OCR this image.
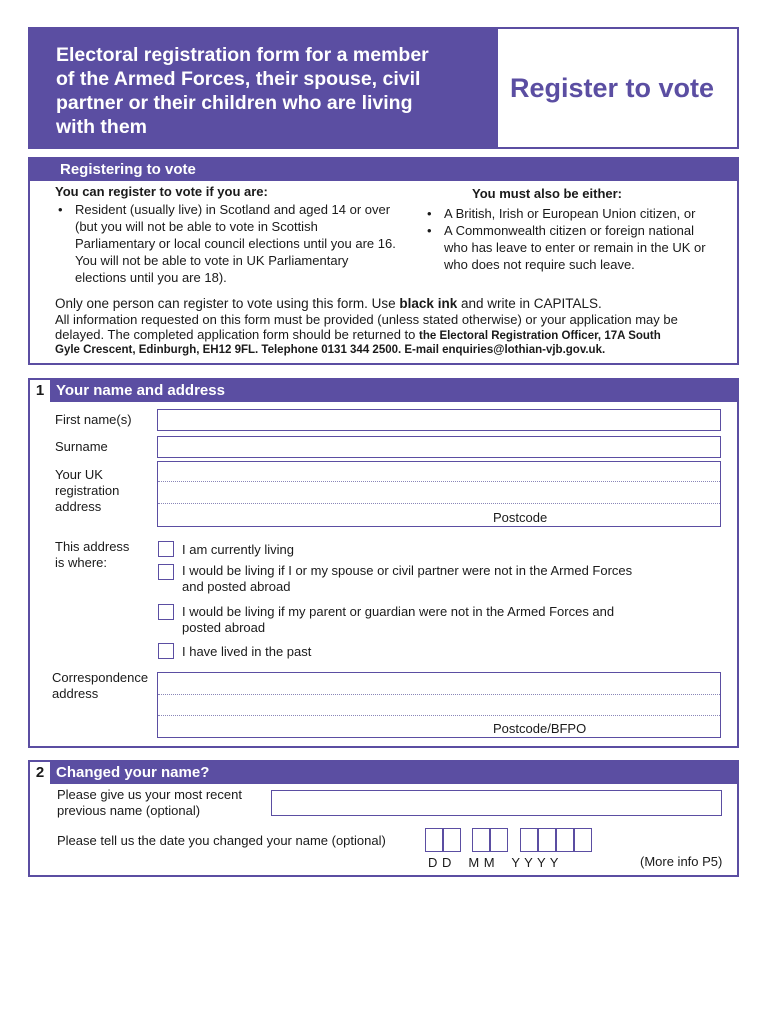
Electoral registration form for a member
of the Armed Forces, their spouse, civil
partner or their children who are living
with them
Register to vote
Registering to vote
You can register to vote if you are:
• Resident (usually live) in Scotland and aged 14 or over
(but you will not be able to vote in Scottish
Parliamentary or local council elections until you are 16.
You will not be able to vote in UK Parliamentary
elections until you are 18).
You must also be either:
• A British, Irish or European Union citizen, or
• A Commonwealth citizen or foreign national
who has leave to enter or remain in the UK or
who does not require such leave.
Only one person can register to vote using this form. Use black ink and write in CAPITALS.
All information requested on this form must be provided (unless stated otherwise) or your application may be
delayed. The completed application form should be returned to the Electoral Registration Officer, 17A South
Gyle Crescent, Edinburgh, EH12 9FL. Telephone 0131 344 2500. E-mail enquiries@lothian-vjb.gov.uk.
1 Your name and address
First name(s)
Surname
Your UK
registration
address
Postcode
This address
is where:
I am currently living
I would be living if I or my spouse or civil partner were not in the Armed Forces
and posted abroad
I would be living if my parent or guardian were not in the Armed Forces and
posted abroad
I have lived in the past
Correspondence
address
Postcode/BFPO
2 Changed your name?
Please give us your most recent
previous name (optional)
Please tell us the date you changed your name (optional)
D D    M M    Y Y Y Y	(More info P5)
